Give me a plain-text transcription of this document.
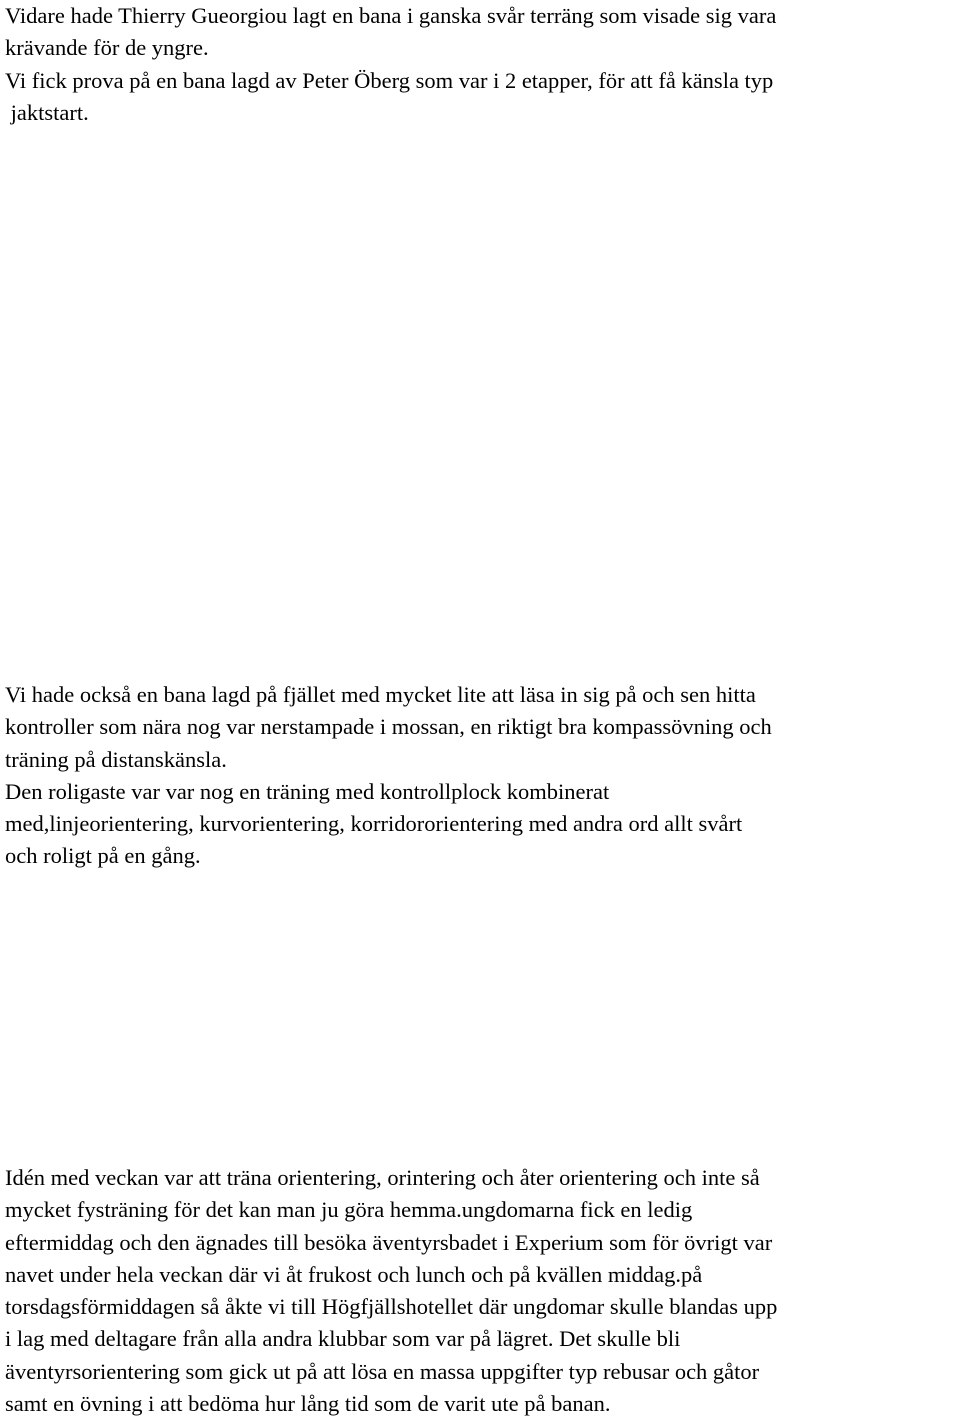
Vidare hade Thierry Gueorgiou lagt en bana i ganska svår terräng som visade sig vara
krävande för de yngre.
Vi fick prova på en bana lagd av Peter Öberg som var i 2 etapper, för att få känsla typ
jaktstart.

Vi hade också en bana lagd på fjället med mycket lite att läsa in sig på och sen hitta
kontroller som nära nog var nerstampade i mossan, en riktigt bra kompassövning och
träning på distanskänsla.
Den roligaste var var nog en träning med kontrollplock kombinerat
med,linjeorientering, kurvorientering, korridororientering med andra ord allt svårt
och roligt på en gång.

Idén med veckan var att träna orientering, orintering och åter orientering och inte så
mycket fysträning för det kan man ju göra hemma.ungdomarna fick en ledig
eftermiddag och den ägnades till besöka äventyrsbadet i Experium som för övrigt var
navet under hela veckan där vi åt frukost och lunch och på kvällen middag.på
torsdagsförmiddagen så åkte vi till Högfjällshotellet där ungdomar skulle blandas upp
i lag med deltagare från alla andra klubbar som var på lägret. Det skulle bli
äventyrsorientering som gick ut på att lösa en massa uppgifter typ rebusar och gåtor
samt en övning i att bedöma hur lång tid som de varit ute på banan.
